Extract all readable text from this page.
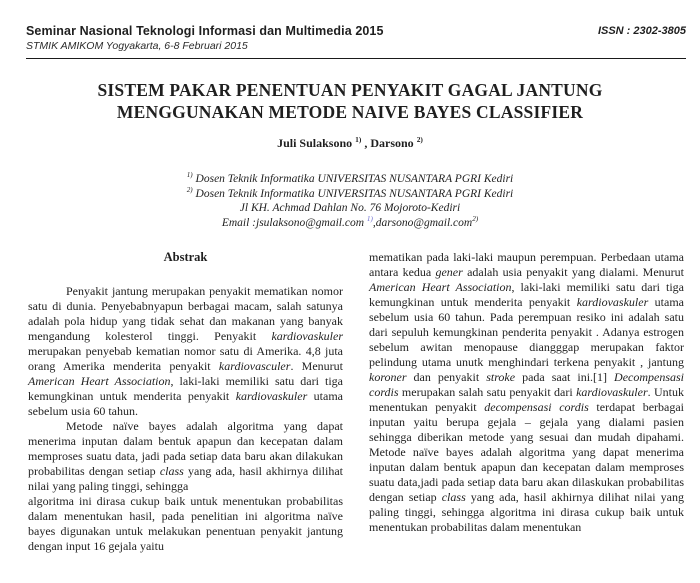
Seminar Nasional Teknologi Informasi dan Multimedia 2015
STMIK AMIKOM Yogyakarta, 6-8 Februari 2015
ISSN : 2302-3805
SISTEM PAKAR PENENTUAN PENYAKIT GAGAL JANTUNG
MENGGUNAKAN METODE NAIVE BAYES CLASSIFIER
Juli Sulaksono $^{1)}$ , Darsono $^{2)}$
$^{1)}$ Dosen Teknik Informatika UNIVERSITAS NUSANTARA PGRI Kediri
$^{2)}$ Dosen Teknik Informatika UNIVERSITAS NUSANTARA PGRI Kediri
Jl KH. Achmad Dahlan No. 76 Mojoroto-Kediri
Email :jsulaksono@gmail.com $^{1)}$,darsono@gmail.com$^{2)}$
Abstrak
Penyakit jantung merupakan penyakit mematikan nomor satu di dunia. Penyebabnyapun berbagai macam, salah satunya adalah pola hidup yang tidak sehat dan makanan yang banyak mengandung kolesterol tinggi. Penyakit kardiovaskuler merupakan penyebab kematian nomor satu di Amerika. 4,8 juta orang Amerika menderita penyakit kardiovasculer. Menurut American Heart Association, laki-laki memiliki satu dari tiga kemungkinan untuk menderita penyakit kardiovaskuler utama sebelum usia 60 tahun.
Metode naïve bayes adalah algoritma yang dapat menerima inputan dalam bentuk apapun dan kecepatan dalam memproses suatu data, jadi pada setiap data baru akan dilakukan probabilitas dengan setiap class yang ada, hasil akhirnya dilihat nilai yang paling tinggi, sehingga
algoritma ini dirasa cukup baik untuk menentukan probabilitas dalam menentukan hasil, pada penelitian ini algoritma naïve bayes digunakan untuk melakukan penentuan penyakit jantung dengan input 16 gejala yaitu
mematikan pada laki-laki maupun perempuan. Perbedaan utama antara kedua gener adalah usia penyakit yang dialami. Menurut American Heart Association, laki-laki memiliki satu dari tiga kemungkinan untuk menderita penyakit kardiovaskuler utama sebelum usia 60 tahun. Pada perempuan resiko ini adalah satu dari sepuluh kemungkinan penderita penyakit . Adanya estrogen sebelum awitan menopause diangggap merupakan faktor pelindung utama unutk menghindari terkena penyakit , jantung koroner dan penyakit stroke pada saat ini.[1] Decompensasi cordis merupakan salah satu penyakit dari kardiovaskuler. Untuk menentukan penyakit decompensasi cordis terdapat berbagai inputan yaitu berupa gejala – gejala yang dialami pasien sehingga diberikan metode yang sesuai dan mudah dipahami. Metode naïve bayes adalah algoritma yang dapat menerima inputan dalam bentuk apapun dan kecepatan dalam memproses suatu data,jadi pada setiap data baru akan dilaskukan probabilitas dengan setiap class yang ada, hasil akhirnya dilihat nilai yang paling tinggi, sehingga algoritma ini dirasa cukup baik untuk menentukan probabilitas dalam menentukan
